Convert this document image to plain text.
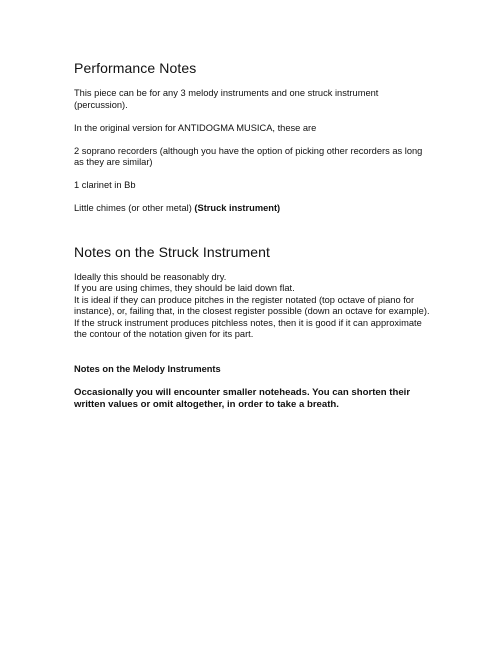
Performance Notes

This piece can be for any 3 melody instruments and one struck instrument (percussion).

In the original version for ANTIDOGMA MUSICA, these are

2 soprano recorders (although you have the option of picking other recorders as long as they are similar)

1 clarinet in Bb

Little chimes (or other metal) (Struck instrument)

Notes on the Struck Instrument

Ideally this should be reasonably dry.

If you are using chimes, they should be laid down flat.

It is ideal if they can produce pitches in the register notated (top octave of piano for instance), or, failing that, in the closest register possible (down an octave for example).

If the struck instrument produces pitchless notes, then it is good if it can approximate the contour of the notation given for its part.

Notes on the Melody Instruments

Occasionally you will encounter smaller noteheads. You can shorten their written values or omit altogether, in order to take a breath.
